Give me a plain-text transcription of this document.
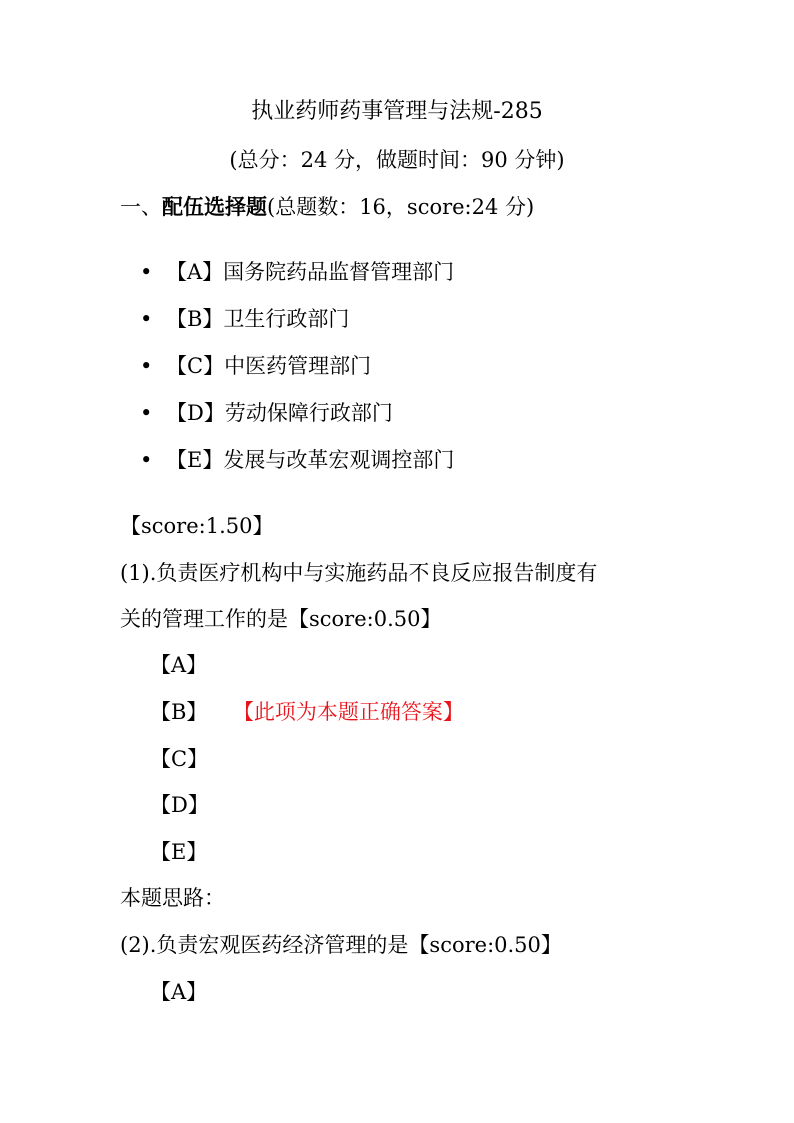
执业药师药事管理与法规-285
(总分：24 分，做题时间：90 分钟)
一、配伍选择题(总题数：16，score:24 分)
• 【A】国务院药品监督管理部门
• 【B】卫生行政部门
• 【C】中医药管理部门
• 【D】劳动保障行政部门
• 【E】发展与改革宏观调控部门
【score:1.50】
(1).负责医疗机构中与实施药品不良反应报告制度有
关的管理工作的是【score:0.50】
【A】
【B】 【此项为本题正确答案】
【C】
【D】
【E】
本题思路：
(2).负责宏观医药经济管理的是【score:0.50】
【A】
